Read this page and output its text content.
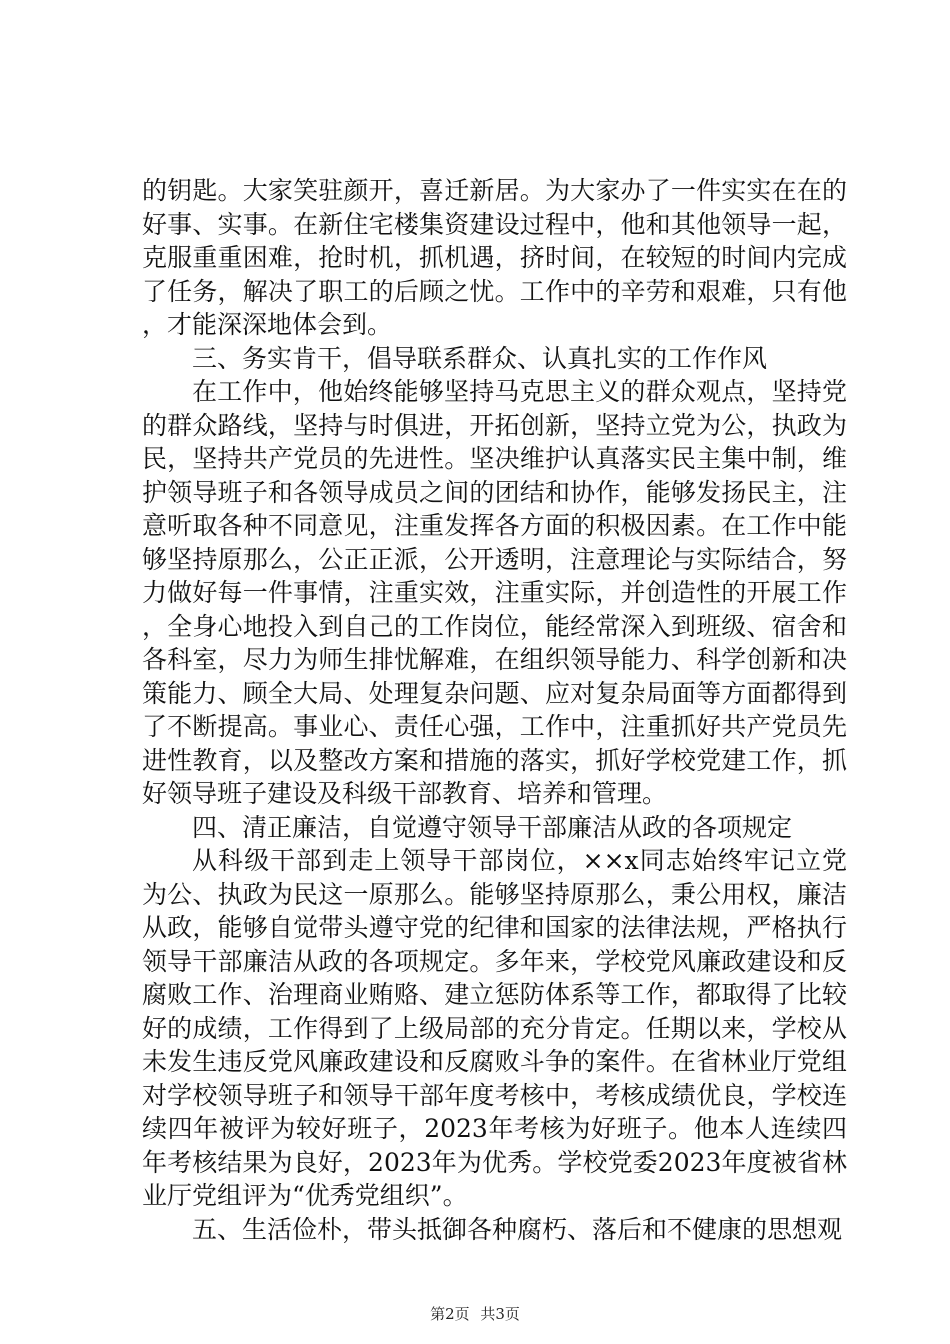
的钥匙。大家笑驻颜开，喜迁新居。为大家办了一件实实在在的好事、实事。在新住宅楼集资建设过程中，他和其他领导一起，克服重重困难，抢时机，抓机遇，挤时间，在较短的时间内完成了任务，解决了职工的后顾之忧。工作中的辛劳和艰难，只有他，才能深深地体会到。

三、务实肯干，倡导联系群众、认真扎实的工作作风

在工作中，他始终能够坚持马克思主义的群众观点，坚持党的群众路线，坚持与时俱进，开拓创新，坚持立党为公，执政为民，坚持共产党员的先进性。坚决维护认真落实民主集中制，维护领导班子和各领导成员之间的团结和协作，能够发扬民主，注意听取各种不同意见，注重发挥各方面的积极因素。在工作中能够坚持原那么，公正正派，公开透明，注意理论与实际结合，努力做好每一件事情，注重实效，注重实际，并创造性的开展工作，全身心地投入到自己的工作岗位，能经常深入到班级、宿舍和各科室，尽力为师生排忧解难，在组织领导能力、科学创新和决策能力、顾全大局、处理复杂问题、应对复杂局面等方面都得到了不断提高。事业心、责任心强，工作中，注重抓好共产党员先进性教育，以及整改方案和措施的落实，抓好学校党建工作，抓好领导班子建设及科级干部教育、培养和管理。

四、清正廉洁，自觉遵守领导干部廉洁从政的各项规定

从科级干部到走上领导干部岗位，××x同志始终牢记立党为公、执政为民这一原那么。能够坚持原那么，秉公用权，廉洁从政，能够自觉带头遵守党的纪律和国家的法律法规，严格执行领导干部廉洁从政的各项规定。多年来，学校党风廉政建设和反腐败工作、治理商业贿赂、建立惩防体系等工作，都取得了比较好的成绩，工作得到了上级局部的充分肯定。任期以来，学校从未发生违反党风廉政建设和反腐败斗争的案件。在省林业厅党组对学校领导班子和领导干部年度考核中，考核成绩优良，学校连续四年被评为较好班子，2023年考核为好班子。他本人连续四年考核结果为良好，2023年为优秀。学校党委2023年度被省林业厅党组评为“优秀党组织”。

五、生活俭朴，带头抵御各种腐朽、落后和不健康的思想观

第2页 共3页
